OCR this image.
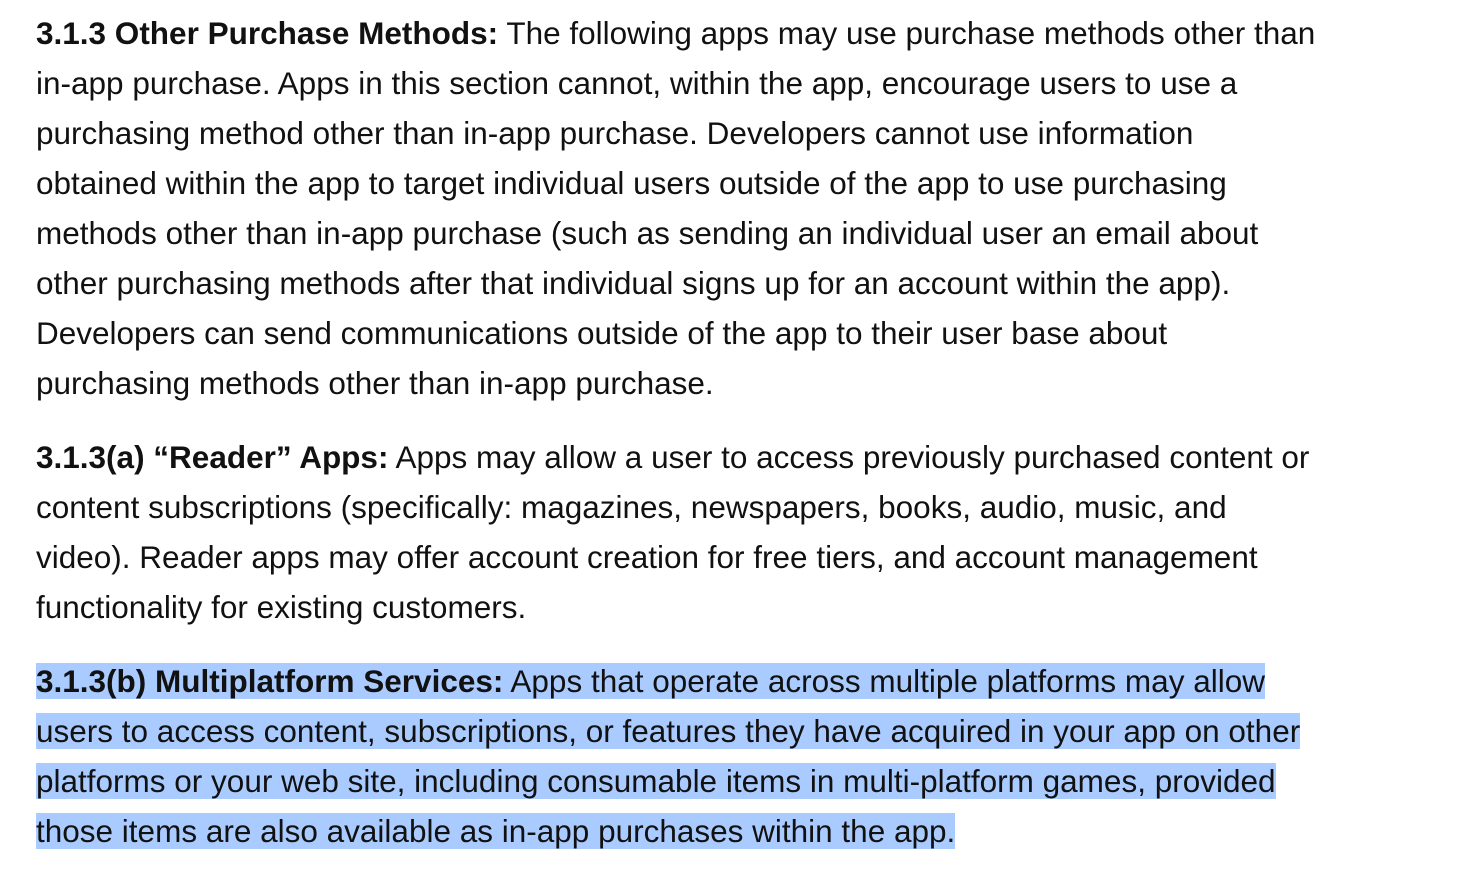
3.1.3 Other Purchase Methods: The following apps may use purchase methods other than
in-app purchase. Apps in this section cannot, within the app, encourage users to use a
purchasing method other than in-app purchase. Developers cannot use information
obtained within the app to target individual users outside of the app to use purchasing
methods other than in-app purchase (such as sending an individual user an email about
other purchasing methods after that individual signs up for an account within the app).
Developers can send communications outside of the app to their user base about
purchasing methods other than in-app purchase.

3.1.3(a) “Reader” Apps: Apps may allow a user to access previously purchased content or
content subscriptions (specifically: magazines, newspapers, books, audio, music, and
video). Reader apps may offer account creation for free tiers, and account management
functionality for existing customers.

3.1.3(b) Multiplatform Services: Apps that operate across multiple platforms may allow
users to access content, subscriptions, or features they have acquired in your app on other
platforms or your web site, including consumable items in multi-platform games, provided
those items are also available as in-app purchases within the app.
